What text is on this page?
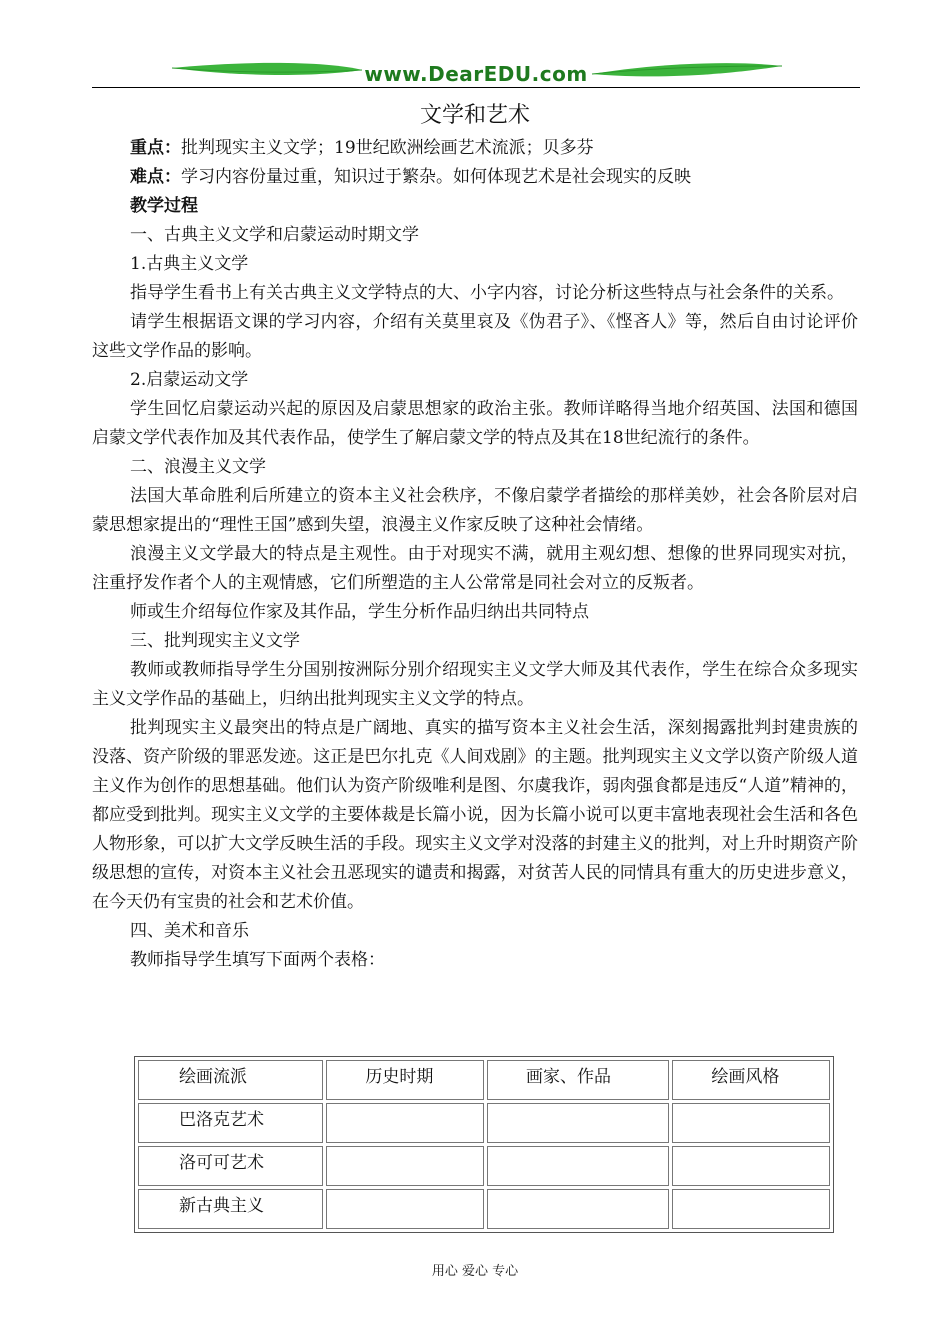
www.DearEDU.com
文学和艺术

重点：批判现实主义文学；19世纪欧洲绘画艺术流派；贝多芬

难点：学习内容份量过重，知识过于繁杂。如何体现艺术是社会现实的反映

教学过程

一、古典主义文学和启蒙运动时期文学

1.古典主义文学

指导学生看书上有关古典主义文学特点的大、小字内容，讨论分析这些特点与社会条件的关系。

请学生根据语文课的学习内容，介绍有关莫里哀及《伪君子》、《悭吝人》等，然后自由讨论评价这些文学作品的影响。

2.启蒙运动文学

学生回忆启蒙运动兴起的原因及启蒙思想家的政治主张。教师详略得当地介绍英国、法国和德国启蒙文学代表作加及其代表作品，使学生了解启蒙文学的特点及其在18世纪流行的条件。

二、浪漫主义文学

法国大革命胜利后所建立的资本主义社会秩序，不像启蒙学者描绘的那样美妙，社会各阶层对启蒙思想家提出的“理性王国”感到失望，浪漫主义作家反映了这种社会情绪。

浪漫主义文学最大的特点是主观性。由于对现实不满，就用主观幻想、想像的世界同现实对抗，注重抒发作者个人的主观情感，它们所塑造的主人公常常是同社会对立的反叛者。

师或生介绍每位作家及其作品，学生分析作品归纳出共同特点

三、批判现实主义文学

教师或教师指导学生分国别按洲际分别介绍现实主义文学大师及其代表作，学生在综合众多现实主义文学作品的基础上，归纳出批判现实主义文学的特点。

批判现实主义最突出的特点是广阔地、真实的描写资本主义社会生活，深刻揭露批判封建贵族的没落、资产阶级的罪恶发迹。这正是巴尔扎克《人间戏剧》的主题。批判现实主义文学以资产阶级人道主义作为创作的思想基础。他们认为资产阶级唯利是图、尔虞我诈，弱肉强食都是违反“人道”精神的，都应受到批判。现实主义文学的主要体裁是长篇小说，因为长篇小说可以更丰富地表现社会生活和各色人物形象，可以扩大文学反映生活的手段。现实主义文学对没落的封建主义的批判，对上升时期资产阶级思想的宣传，对资本主义社会丑恶现实的谴责和揭露，对贫苦人民的同情具有重大的历史进步意义，在今天仍有宝贵的社会和艺术价值。

四、美术和音乐

教师指导学生填写下面两个表格：

绘画流派	历史时期	画家、作品	绘画风格
巴洛克艺术			
洛可可艺术			
新古典主义			
用心 爱心 专心
